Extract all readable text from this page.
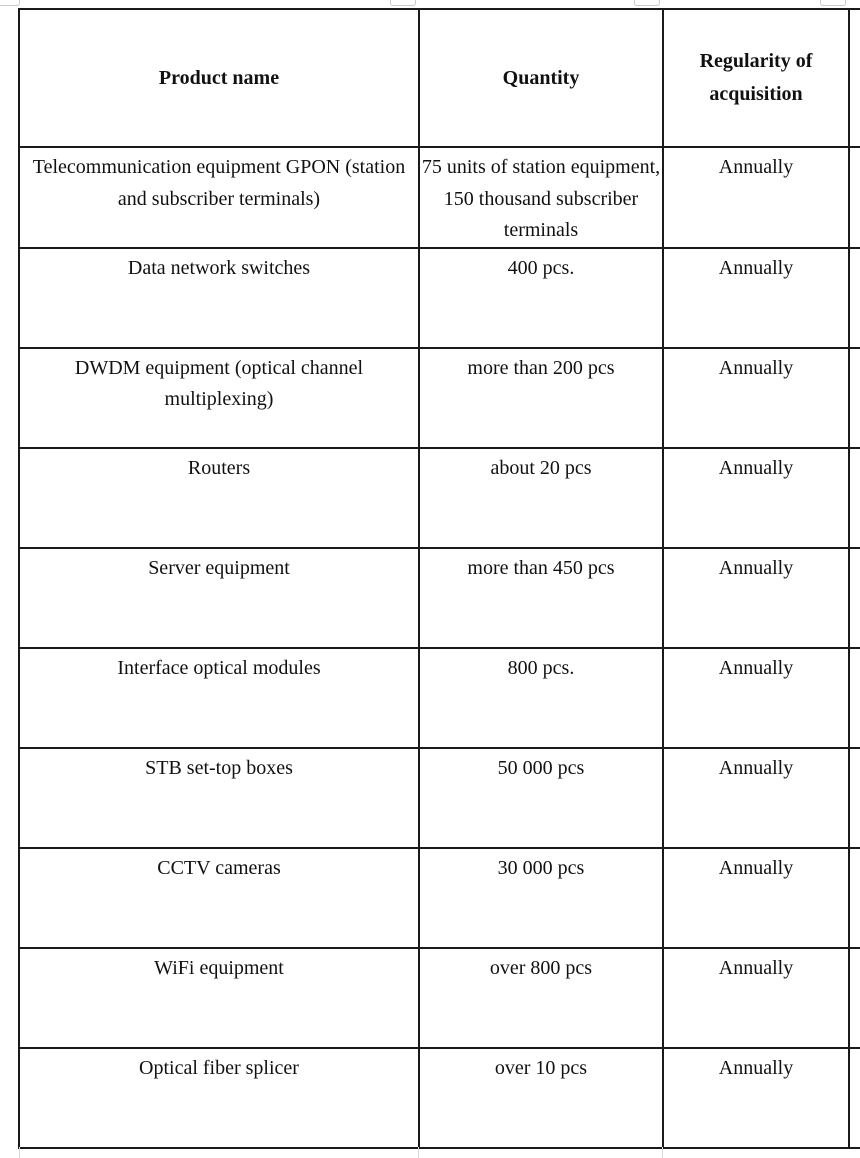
Product name	Quantity	Regularity of acquisition	
Telecommunication equipment GPON (station and subscriber terminals)	75 units of station equipment, 150 thousand subscriber terminals	Annually	
Data network switches	400 pcs.	Annually	
DWDM equipment (optical channel multiplexing)	more than 200 pcs	Annually	
Routers	about 20 pcs	Annually	
Server equipment	more than 450 pcs	Annually	
Interface optical modules	800 pcs.	Annually	
STB set-top boxes	50 000 pcs	Annually	
CCTV cameras	30 000 pcs	Annually	
WiFi equipment	over 800 pcs	Annually	
Optical fiber splicer	over 10 pcs	Annually	
